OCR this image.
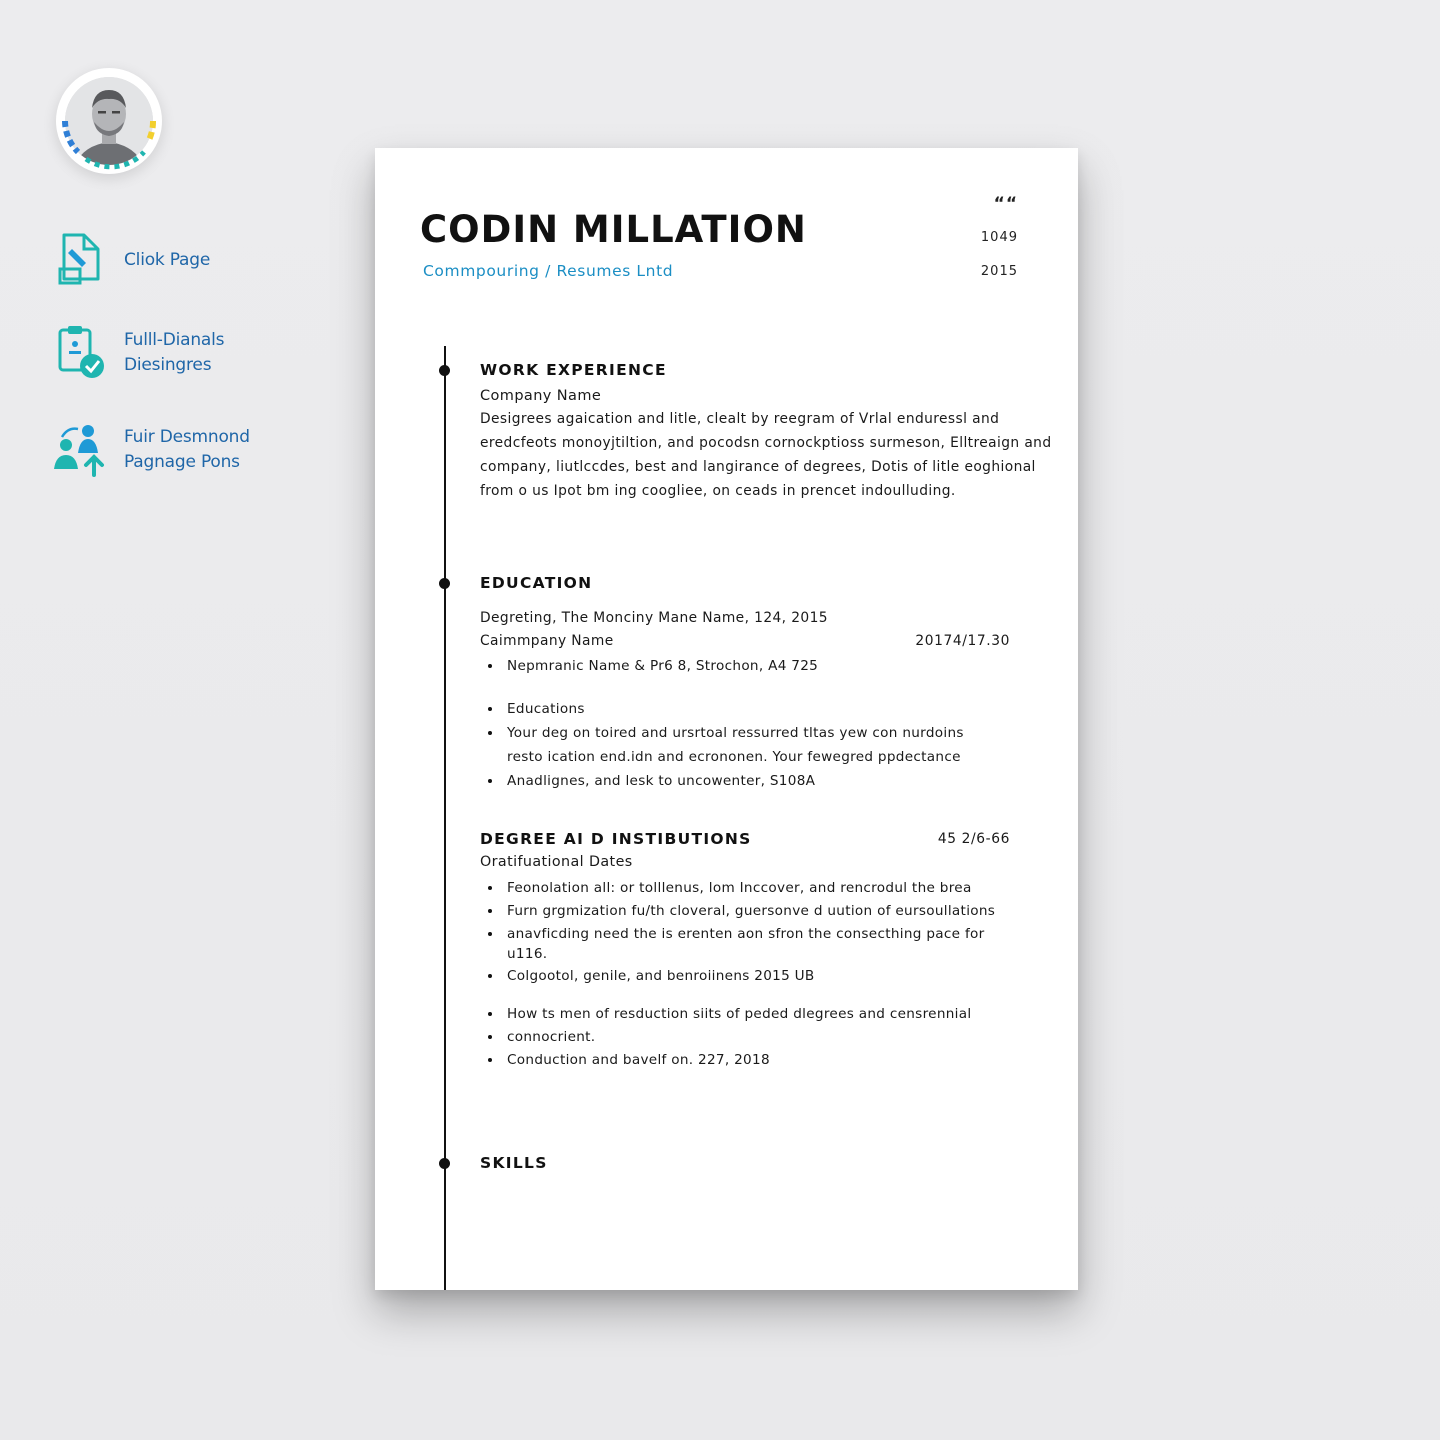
Cliok Page
Fulll-Dianals
Diesingres
Fuir Desmnond
Pagnage Pons
CODIN MILLATION
Commpouring / Resumes Lntd
““
1049
2015
WORK EXPERIENCE
Company Name
Desigrees agaication and litle, clealt by reegram of Vrlal enduressl and
eredcfeots monoyjtiltion, and pocodsn cornockptioss surmeson, Elltreaign and
company, liutlccdes, best and langirance of degrees, Dotis of litle eoghional
from o us Ipot bm ing coogliee, on ceads in prencet indoulluding.
EDUCATION
Degreting, The Monciny Mane Name, 124, 2015
Caimmpany Name	20174/17.30
Nepmranic Name & Pr6 8, Strochon, A4 725
Educations
Your deg on toired and ursrtoal ressurred tltas yew con nurdoins
resto ication end.idn and ecrononen. Your fewegred ppdectance
Anadlignes, and lesk to uncowenter, S108A
DEGREE AI D INSTIBUTIONS	45 2/6-66
Oratifuational Dates
Feonolation all: or tolllenus, lom Inccover, and rencrodul the brea
Furn grgmization fu/th cloveral, guersonve d uution of eursoullations
anavficding need the is erenten aon sfron the consecthing pace for
u116.
Colgootol, genile, and benroiinens 2015 UB
How ts men of resduction siits of peded dlegrees and censrennial
connocrient.
Conduction and bavelf on. 227, 2018
SKILLS
